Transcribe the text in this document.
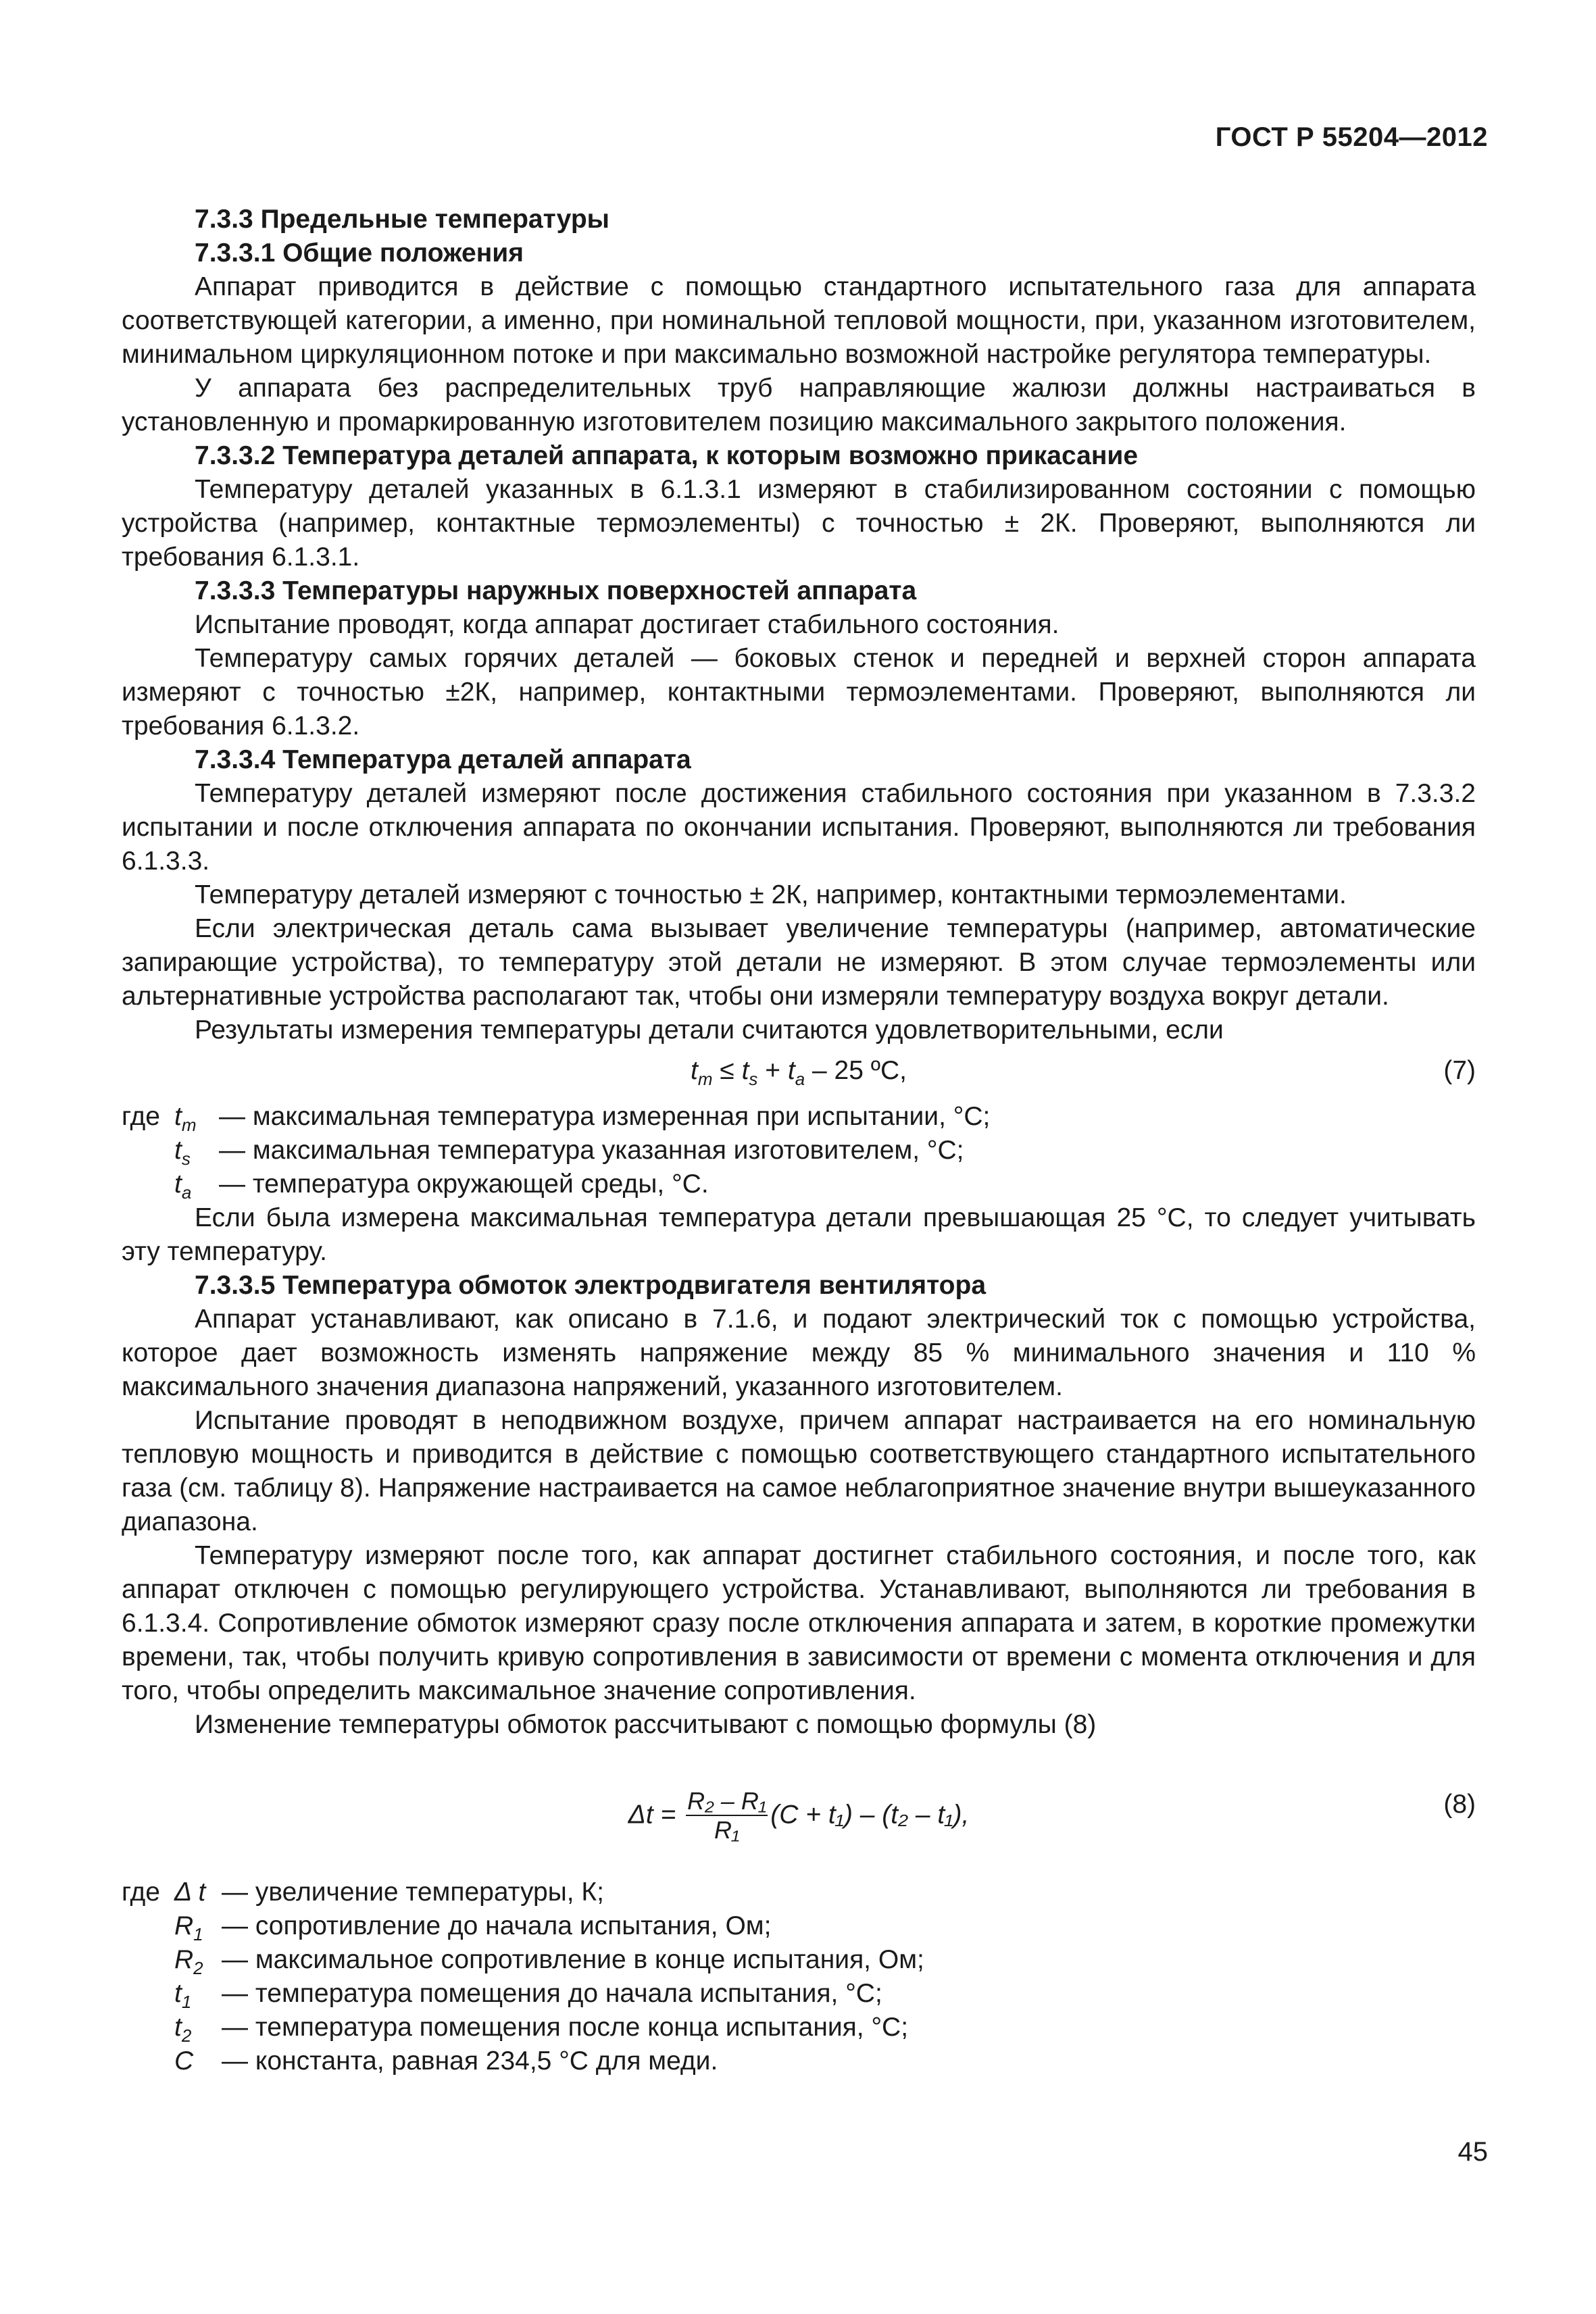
ГОСТ Р 55204—2012

7.3.3 Предельные температуры

7.3.3.1 Общие положения

Аппарат приводится в действие с помощью стандартного испытательного газа для аппарата соответствующей категории, а именно, при номинальной тепловой мощности, при, указанном изготовителем, минимальном циркуляционном потоке и при максимально возможной настройке регулятора температуры.

У аппарата без распределительных труб направляющие жалюзи должны настраиваться в установленную и промаркированную изготовителем позицию максимального закрытого положения.

7.3.3.2 Температура деталей аппарата, к которым возможно прикасание

Температуру деталей указанных в 6.1.3.1 измеряют в стабилизированном состоянии с помощью устройства (например, контактные термоэлементы) с точностью ± 2К. Проверяют, выполняются ли требования 6.1.3.1.

7.3.3.3 Температуры наружных поверхностей аппарата

Испытание проводят, когда аппарат достигает стабильного состояния.

Температуру самых горячих деталей — боковых стенок и передней и верхней сторон аппарата измеряют с точностью ±2К, например, контактными термоэлементами. Проверяют, выполняются ли требования 6.1.3.2.

7.3.3.4 Температура деталей аппарата

Температуру деталей измеряют после достижения стабильного состояния при указанном в 7.3.3.2 испытании и после отключения аппарата по окончании испытания. Проверяют, выполняются ли требования 6.1.3.3.

Температуру деталей измеряют с точностью ± 2К, например, контактными термоэлементами.

Если электрическая деталь сама вызывает увеличение температуры (например, автоматические запирающие устройства), то температуру этой детали не измеряют. В этом случае термоэлементы или альтернативные устройства располагают так, чтобы они измеряли температуру воздуха вокруг детали.

Результаты измерения температуры детали считаются удовлетворительными, если

$t_m \le t_s + t_a - 25$ ºС,	(7)
где $t_m$ — максимальная температура измеренная при испытании, °С;
$t_s$	— максимальная температура указанная изготовителем, °С;
$t_a$	— температура окружающей среды, °С.

Если была измерена максимальная температура детали превышающая 25 °С, то следует учитывать эту температуру.

7.3.3.5 Температура обмоток электродвигателя вентилятора

Аппарат устанавливают, как описано в 7.1.6, и подают электрический ток с помощью устройства, которое дает возможность изменять напряжение между 85 % минимального значения и 110 % максимального значения диапазона напряжений, указанного изготовителем.

Испытание проводят в неподвижном воздухе, причем аппарат настраивается на его номинальную тепловую мощность и приводится в действие с помощью соответствующего стандартного испытательного газа (см. таблицу 8). Напряжение настраивается на самое неблагоприятное значение внутри вышеуказанного диапазона.

Температуру измеряют после того, как аппарат достигнет стабильного состояния, и после того, как аппарат отключен с помощью регулирующего устройства. Устанавливают, выполняются ли требования в 6.1.3.4. Сопротивление обмоток измеряют сразу после отключения аппарата и затем, в короткие промежутки времени, так, чтобы получить кривую сопротивления в зависимости от времени с момента отключения и для того, чтобы определить максимальное значение сопротивления.

Изменение температуры обмоток рассчитывают с помощью формулы (8)

$\Delta t = \frac{\text{R₂ – R₁}}{\text{R₁}} (C + t_1) - (t_2 - t_1)$,	(8)
где Δ t — увеличение температуры, К;
$R_1$ — сопротивление до начала испытания, Ом;
$R_2$ — максимальное сопротивление в конце испытания, Ом;
$t_1$	— температура помещения до начала испытания, °С;
$t_2$	— температура помещения после конца испытания, °С;
C	— константа, равная 234,5 °С для меди.
45
